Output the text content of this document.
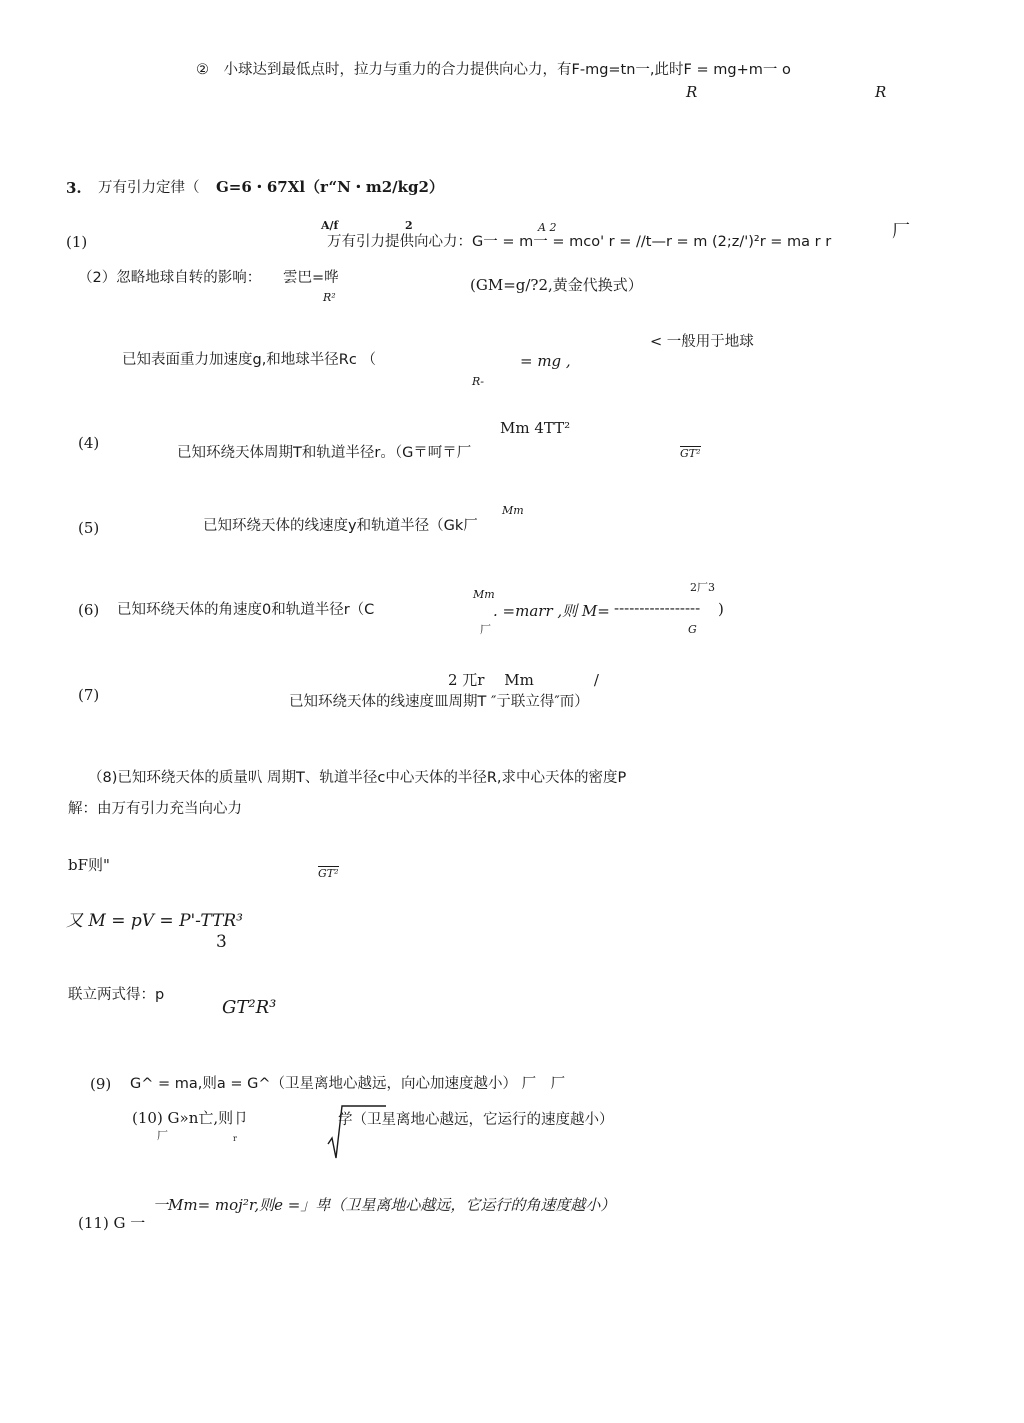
②　小球达到最低点时，拉力与重力的合力提供向心力，有F-mg=tn一,此时F = mg+m一 o
R	R
3. 万有引力定律（ G=6・67Xl（r“N・m2/kg2）
(1)
A/f	2	A 2
万有引力提供向心力：G一 = m一 = mco' r = //t—r = m (2;z/')²r = ma r r	厂
（2）忽略地球自转的影响： 雲巴=哗
R²
(GM=g/?2,黄金代换式）
< 一般用于地球
已知表面重力加速度g,和地球半径Rc （	= mg ,
R-
Mm 4TT²
(4)
已知环绕天体周期T和轨道半径r。（G〒呵〒厂	GT²
Mm
(5)	已知环绕天体的线速度y和轨道半径（Gk厂
2厂3
Mm
(6) 已知环绕天体的角速度0和轨道半径r（C	. =marr ,则 M= ----------------- )
厂	G
2 兀r　 Mm　　　　/
(7)	已知环绕天体的线速度皿周期T ″亍联立得″而）
（8)已知环绕天体的质量叭 周期T、轨道半径c中心天体的半径R,求中心天体的密度P
解：由万有引力充当向心力
bF则"	GT²
又 M = pV = P'-TTR³
3
联立两式得：p
GT²R³
(9) G^ = ma,则a = G^（卫星离地心越远，向心加速度越小） 厂　厂
(10) G»n亡,则卩
厂	r
学（卫星离地心越远，它运行的速度越小）
一Mm= moj²r,则e =」卑（卫星离地心越远，它运行的角速度越小）
(11) G 一
